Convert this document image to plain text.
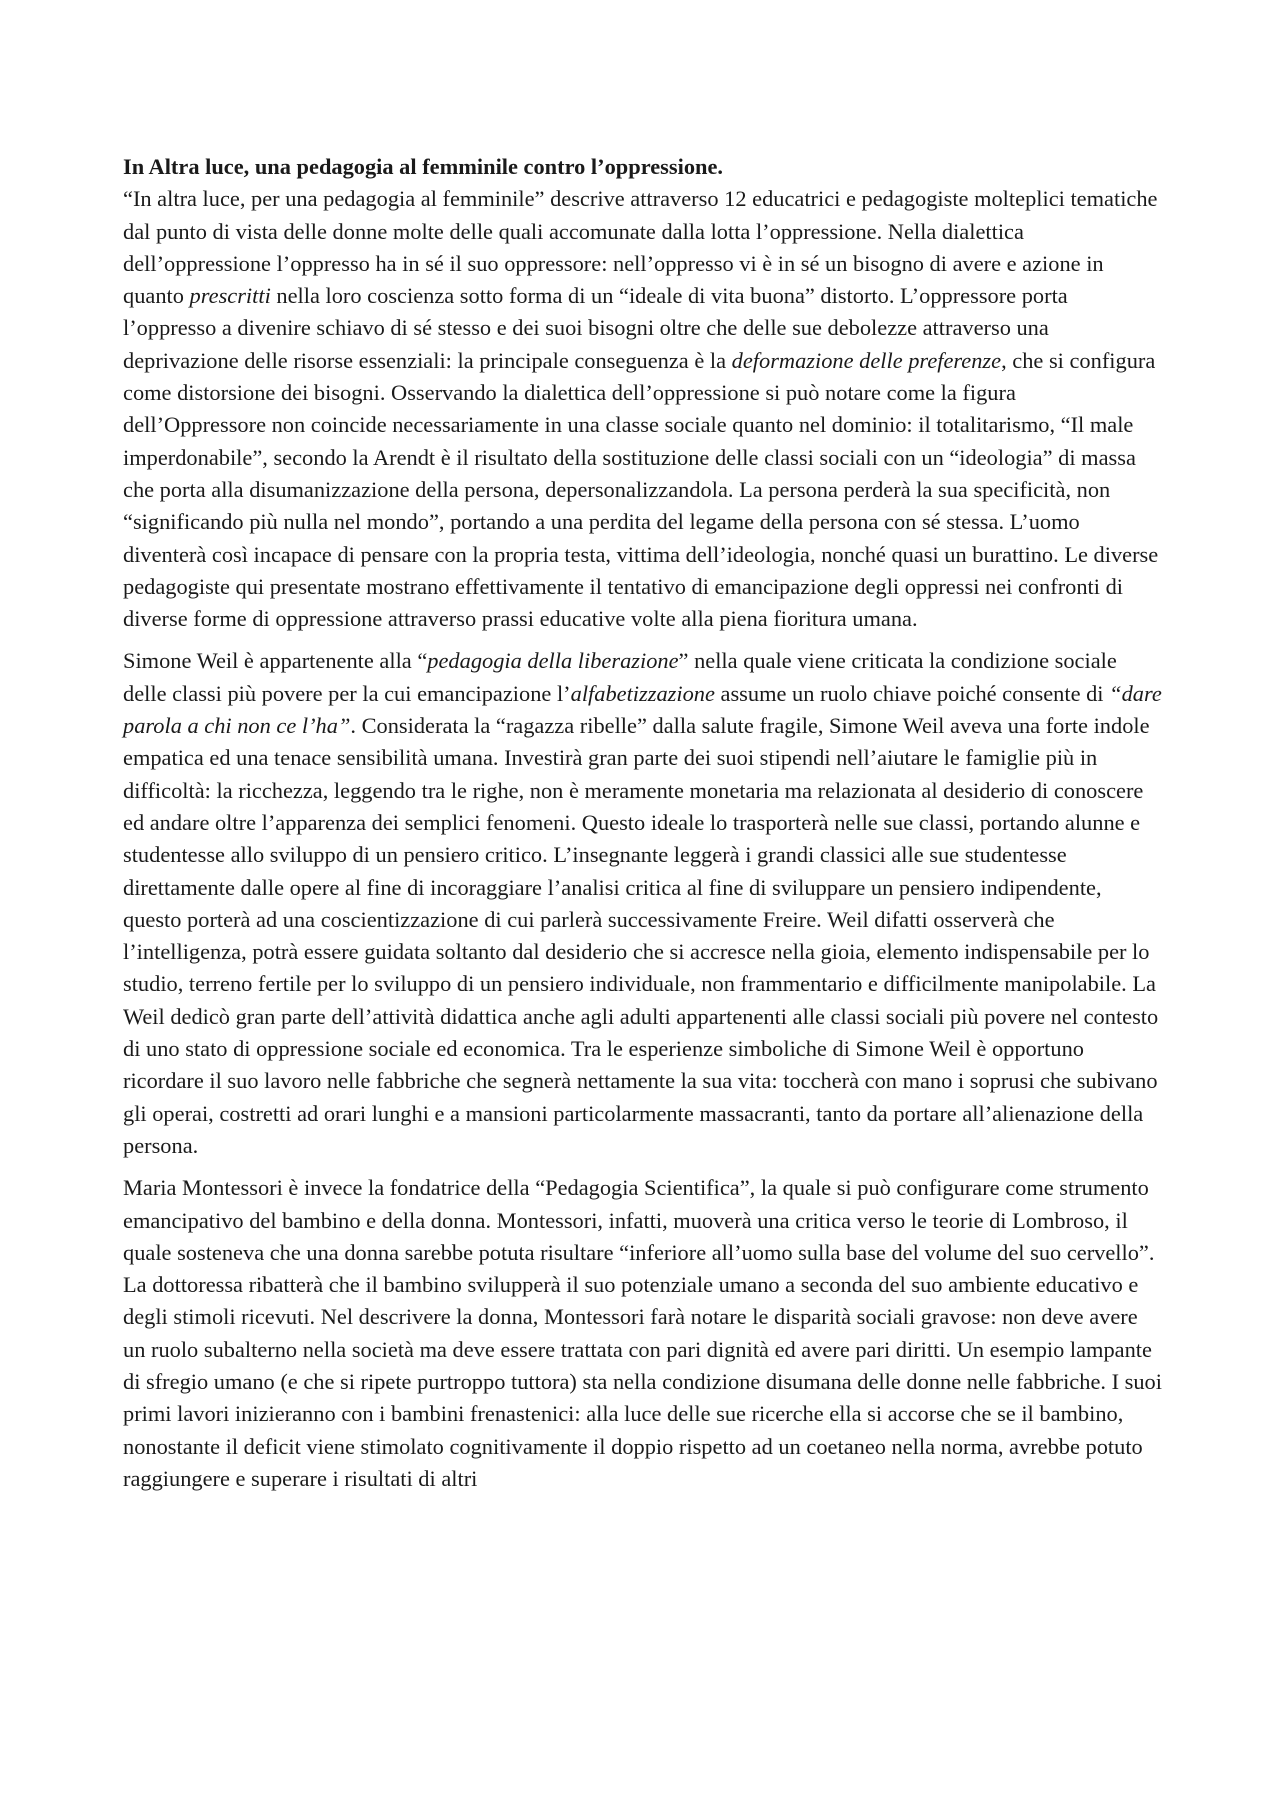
In Altra luce, una pedagogia al femminile contro l’oppressione.

“In altra luce, per una pedagogia al femminile” descrive attraverso 12 educatrici e pedagogiste molteplici tematiche dal punto di vista delle donne molte delle quali accomunate dalla lotta l’oppressione. Nella dialettica dell’oppressione l’oppresso ha in sé il suo oppressore: nell’oppresso vi è in sé un bisogno di avere e azione in quanto prescritti nella loro coscienza sotto forma di un “ideale di vita buona” distorto. L’oppressore porta l’oppresso a divenire schiavo di sé stesso e dei suoi bisogni oltre che delle sue debolezze attraverso una deprivazione delle risorse essenziali: la principale conseguenza è la deformazione delle preferenze, che si configura come distorsione dei bisogni. Osservando la dialettica dell’oppressione si può notare come la figura dell’Oppressore non coincide necessariamente in una classe sociale quanto nel dominio: il totalitarismo, “Il male imperdonabile”, secondo la Arendt è il risultato della sostituzione delle classi sociali con un “ideologia” di massa che porta alla disumanizzazione della persona, depersonalizzandola. La persona perderà la sua specificità, non “significando più nulla nel mondo”, portando a una perdita del legame della persona con sé stessa. L’uomo diventerà così incapace di pensare con la propria testa, vittima dell’ideologia, nonché quasi un burattino. Le diverse pedagogiste qui presentate mostrano effettivamente il tentativo di emancipazione degli oppressi nei confronti di diverse forme di oppressione attraverso prassi educative volte alla piena fioritura umana.

Simone Weil è appartenente alla “pedagogia della liberazione” nella quale viene criticata la condizione sociale delle classi più povere per la cui emancipazione l’alfabetizzazione assume un ruolo chiave poiché consente di “dare parola a chi non ce l’ha”. Considerata la “ragazza ribelle” dalla salute fragile, Simone Weil aveva una forte indole empatica ed una tenace sensibilità umana. Investirà gran parte dei suoi stipendi nell’aiutare le famiglie più in difficoltà: la ricchezza, leggendo tra le righe, non è meramente monetaria ma relazionata al desiderio di conoscere ed andare oltre l’apparenza dei semplici fenomeni. Questo ideale lo trasporterà nelle sue classi, portando alunne e studentesse allo sviluppo di un pensiero critico. L’insegnante leggerà i grandi classici alle sue studentesse direttamente dalle opere al fine di incoraggiare l’analisi critica al fine di sviluppare un pensiero indipendente, questo porterà ad una coscientizzazione di cui parlerà successivamente Freire. Weil difatti osserverà che l’intelligenza, potrà essere guidata soltanto dal desiderio che si accresce nella gioia, elemento indispensabile per lo studio, terreno fertile per lo sviluppo di un pensiero individuale, non frammentario e difficilmente manipolabile. La Weil dedicò gran parte dell’attività didattica anche agli adulti appartenenti alle classi sociali più povere nel contesto di uno stato di oppressione sociale ed economica. Tra le esperienze simboliche di Simone Weil è opportuno ricordare il suo lavoro nelle fabbriche che segnerà nettamente la sua vita: toccherà con mano i soprusi che subivano gli operai, costretti ad orari lunghi e a mansioni particolarmente massacranti, tanto da portare all’alienazione della persona.

Maria Montessori è invece la fondatrice della “Pedagogia Scientifica”, la quale si può configurare come strumento emancipativo del bambino e della donna. Montessori, infatti, muoverà una critica verso le teorie di Lombroso, il quale sosteneva che una donna sarebbe potuta risultare “inferiore all’uomo sulla base del volume del suo cervello”. La dottoressa ribatterà che il bambino svilupperà il suo potenziale umano a seconda del suo ambiente educativo e degli stimoli ricevuti. Nel descrivere la donna, Montessori farà notare le disparità sociali gravose: non deve avere un ruolo subalterno nella società ma deve essere trattata con pari dignità ed avere pari diritti. Un esempio lampante di sfregio umano (e che si ripete purtroppo tuttora) sta nella condizione disumana delle donne nelle fabbriche. I suoi primi lavori inizieranno con i bambini frenastenici: alla luce delle sue ricerche ella si accorse che se il bambino, nonostante il deficit viene stimolato cognitivamente il doppio rispetto ad un coetaneo nella norma, avrebbe potuto raggiungere e superare i risultati di altri
